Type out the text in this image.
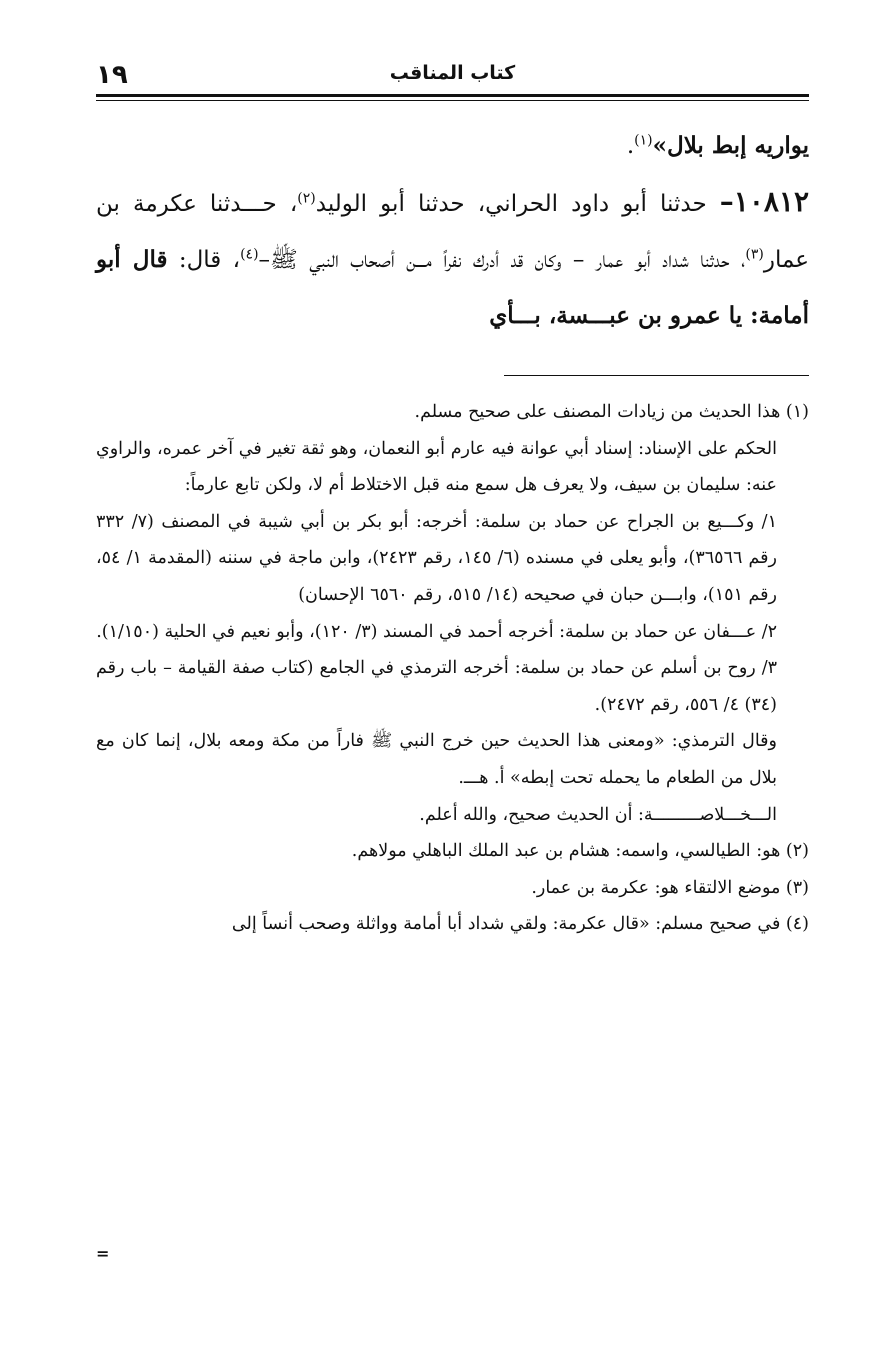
١٩	كتاب المناقب

يواريه إبط بلال»$^{(١)}$.

١٠٨١٢– حدثنا أبو داود الحراني، حدثنا أبو الوليد$^{(٢)}$، حـــدثنا عكرمة بن عمار$^{(٣)}$، حدثنا شداد أبو عمار – وكان قد أدرك نفراً مـــن أصحاب النبي ﷺ–$^{(٤)}$، قال: قال أبو أمامة: يا عمرو بن عبـــسة، بـــأي

(١) هذا الحديث من زيادات المصنف على صحيح مسلم.

الحكم على الإسناد: إسناد أبي عوانة فيه عارم أبو النعمان، وهو ثقة تغير في آخر عمره، والراوي عنه: سليمان بن سيف، ولا يعرف هل سمع منه قبل الاختلاط أم لا، ولكن تابع عارماً:

١/ وكـــيع بن الجراح عن حماد بن سلمة: أخرجه: أبو بكر بن أبي شيبة في المصنف (٧/ ٣٣٢ رقم ٣٦٥٦٦)، وأبو يعلى في مسنده (٦/ ١٤٥، رقم ٢٤٢٣)، وابن ماجة في سننه (المقدمة ١/ ٥٤، رقم ١٥١)، وابـــن حبان في صحيحه (١٤/ ٥١٥، رقم ٦٥٦٠ الإحسان)

٢/ عـــفان عن حماد بن سلمة: أخرجه أحمد في المسند (٣/ ١٢٠)، وأبو نعيم في الحلية (١/١٥٠).

٣/ روح بن أسلم عن حماد بن سلمة: أخرجه الترمذي في الجامع (كتاب صفة القيامة – باب رقم (٣٤) ٤/ ٥٥٦، رقم ٢٤٧٢).

وقال الترمذي: «ومعنى هذا الحديث حين خرج النبي ﷺ فاراً من مكة ومعه بلال، إنما كان مع بلال من الطعام ما يحمله تحت إبطه» أ. هـــ.

الـــخـــلاصـــــــــة: أن الحديث صحيح، والله أعلم.

(٢) هو: الطيالسي، واسمه: هشام بن عبد الملك الباهلي مولاهم.

(٣) موضع الالتقاء هو: عكرمة بن عمار.

(٤) في صحيح مسلم: «قال عكرمة: ولقي شداد أبا أمامة وواثلة وصحب أنساً إلى

=
